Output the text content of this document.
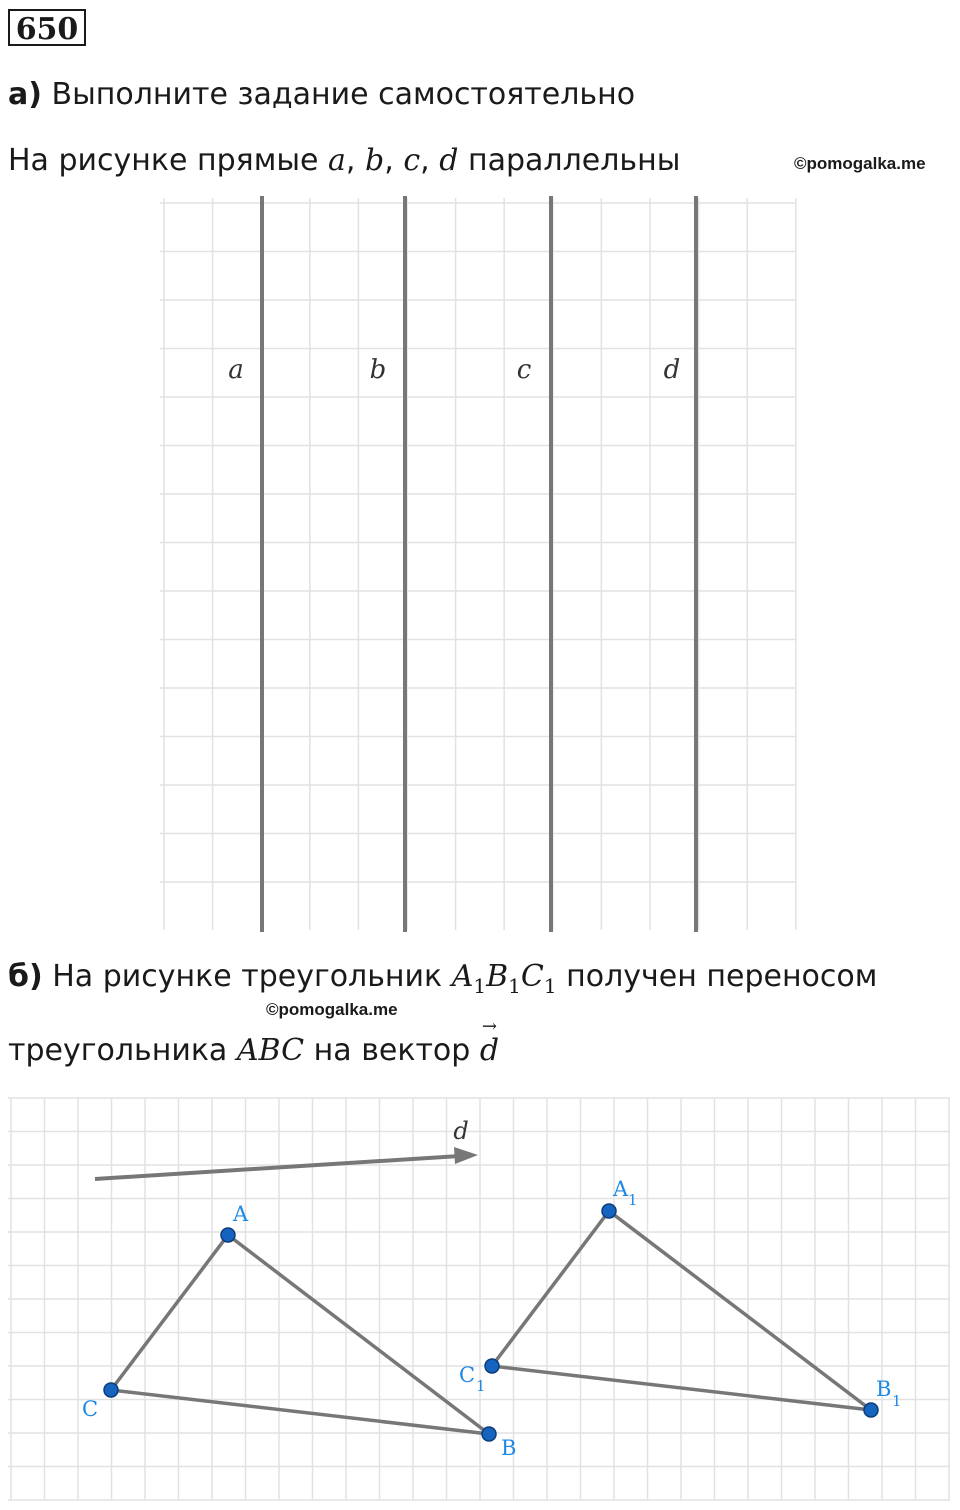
650
а) Выполните задание самостоятельно
На рисунке прямые a, b, c, d параллельны	©pomogalka.me
a	b	c	d
б) На рисунке треугольник $A_1B_1C_1$ получен переносом
©pomogalka.me
треугольника ABC на вектор
→
d
d
A
B
C
A 1
B 1
C 1
